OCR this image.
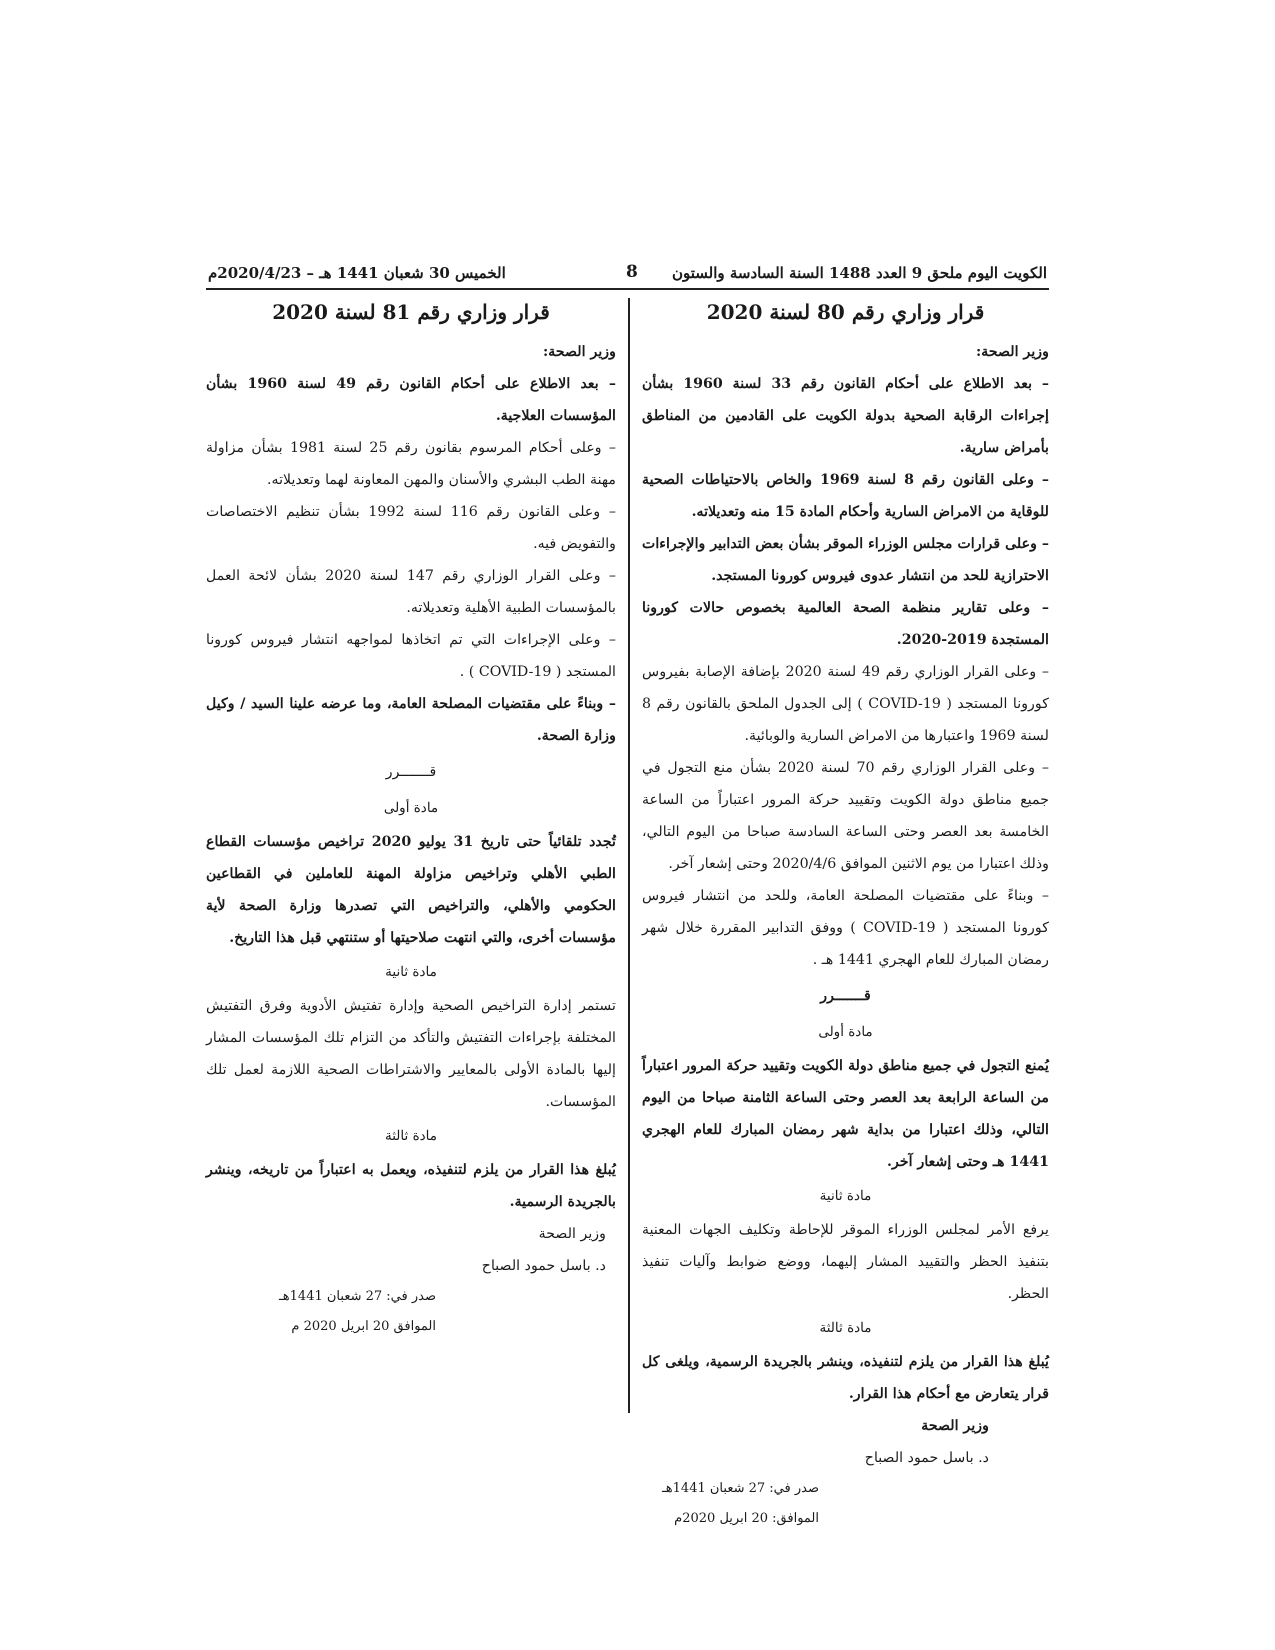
الكويت اليوم ملحق 9 العدد 1488 السنة السادسة والستون
8
الخميس 30 شعبان 1441 هـ – 2020/4/23م
قرار وزاري رقم 80 لسنة 2020

وزير الصحة:

– بعد الاطلاع على أحكام القانون رقم 33 لسنة 1960 بشأن إجراءات الرقابة الصحية بدولة الكويت على القادمين من المناطق بأمراض سارية.

– وعلى القانون رقم 8 لسنة 1969 والخاص بالاحتياطات الصحية للوقاية من الامراض السارية وأحكام المادة 15 منه وتعديلاته.

– وعلى قرارات مجلس الوزراء الموقر بشأن بعض التدابير والإجراءات الاحترازية للحد من انتشار عدوى فيروس كورونا المستجد.

– وعلى تقارير منظمة الصحة العالمية بخصوص حالات كورونا المستجدة 2019-2020.

– وعلى القرار الوزاري رقم 49 لسنة 2020 بإضافة الإصابة بفيروس كورونا المستجد ( COVID-19 ) إلى الجدول الملحق بالقانون رقم 8 لسنة 1969 واعتبارها من الامراض السارية والوبائية.

– وعلى القرار الوزاري رقم 70 لسنة 2020 بشأن منع التجول في جميع مناطق دولة الكويت وتقييد حركة المرور اعتباراً من الساعة الخامسة بعد العصر وحتى الساعة السادسة صباحا من اليوم التالي، وذلك اعتبارا من يوم الاثنين الموافق 2020/4/6 وحتى إشعار آخر.

– وبناءً على مقتضيات المصلحة العامة، وللحد من انتشار فيروس كورونا المستجد ( COVID-19 ) ووفق التدابير المقررة خلال شهر رمضان المبارك للعام الهجري 1441 هـ .

قـــــــرر

مادة أولى

يُمنع التجول في جميع مناطق دولة الكويت وتقييد حركة المرور اعتباراً من الساعة الرابعة بعد العصر وحتى الساعة الثامنة صباحا من اليوم التالي، وذلك اعتبارا من بداية شهر رمضان المبارك للعام الهجري 1441 هـ وحتى إشعار آخر.

مادة ثانية

يرفع الأمر لمجلس الوزراء الموقر للإحاطة وتكليف الجهات المعنية بتنفيذ الحظر والتقييد المشار إليهما، ووضع ضوابط وآليات تنفيذ الحظر.

مادة ثالثة

يُبلغ هذا القرار من يلزم لتنفيذه، وينشر بالجريدة الرسمية، ويلغى كل قرار يتعارض مع أحكام هذا القرار.

وزير الصحة

د. باسل حمود الصباح

صدر في: 27 شعبان 1441هـ

الموافق: 20 ابريل 2020م

قرار وزاري رقم 81 لسنة 2020

وزير الصحة:

– بعد الاطلاع على أحكام القانون رقم 49 لسنة 1960 بشأن المؤسسات العلاجية.

– وعلى أحكام المرسوم بقانون رقم 25 لسنة 1981 بشأن مزاولة مهنة الطب البشري والأسنان والمهن المعاونة لهما وتعديلاته.

– وعلى القانون رقم 116 لسنة 1992 بشأن تنظيم الاختصاصات والتفويض فيه.

– وعلى القرار الوزاري رقم 147 لسنة 2020 بشأن لائحة العمل بالمؤسسات الطبية الأهلية وتعديلاته.

– وعلى الإجراءات التي تم اتخاذها لمواجهه انتشار فيروس كورونا المستجد ( COVID-19 ) .

– وبناءً على مقتضيات المصلحة العامة، وما عرضه علينا السيد / وكيل وزارة الصحة.

قـــــــرر

مادة أولى

تُجدد تلقائياً حتى تاريخ 31 يوليو 2020 تراخيص مؤسسات القطاع الطبي الأهلي وتراخيص مزاولة المهنة للعاملين في القطاعين الحكومي والأهلي، والتراخيص التي تصدرها وزارة الصحة لأية مؤسسات أخرى، والتي انتهت صلاحيتها أو ستنتهي قبل هذا التاريخ.

مادة ثانية

تستمر إدارة التراخيص الصحية وإدارة تفتيش الأدوية وفرق التفتيش المختلفة بإجراءات التفتيش والتأكد من التزام تلك المؤسسات المشار إليها بالمادة الأولى بالمعايير والاشتراطات الصحية اللازمة لعمل تلك المؤسسات.

مادة ثالثة

يُبلغ هذا القرار من يلزم لتنفيذه، ويعمل به اعتباراً من تاريخه، وينشر بالجريدة الرسمية.

وزير الصحة

د. باسل حمود الصباح

صدر في: 27 شعبان 1441هـ

الموافق 20 ابريل 2020 م
